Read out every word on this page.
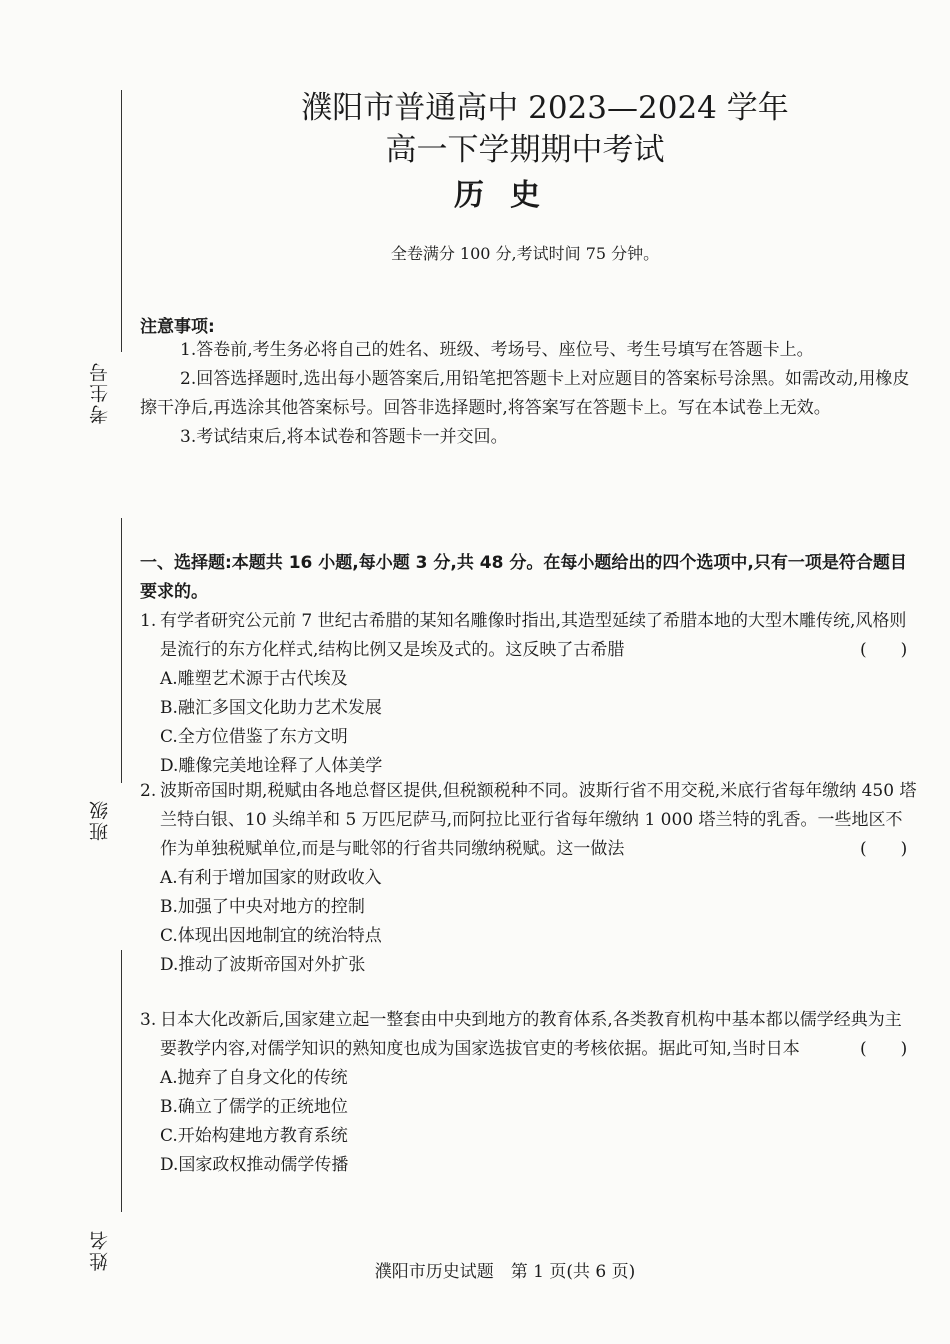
考生号
班级
姓名
濮阳市普通高中 2023—2024 学年
高一下学期期中考试
历史
全卷满分 100 分,考试时间 75 分钟。
注意事项:

1.答卷前,考生务必将自己的姓名、班级、考场号、座位号、考生号填写在答题卡上。

2.回答选择题时,选出每小题答案后,用铅笔把答题卡上对应题目的答案标号涂黑。如需改动,用橡皮擦干净后,再选涂其他答案标号。回答非选择题时,将答案写在答题卡上。写在本试卷上无效。

3.考试结束后,将本试卷和答题卡一并交回。

一、选择题:本题共 16 小题,每小题 3 分,共 48 分。在每小题给出的四个选项中,只有一项是符合题目要求的。
1. 有学者研究公元前 7 世纪古希腊的某知名雕像时指出,其造型延续了希腊本地的大型木雕传统,风格则是流行的东方化样式,结构比例又是埃及式的。这反映了古希腊	(　　)

A.雕塑艺术源于古代埃及

B.融汇多国文化助力艺术发展

C.全方位借鉴了东方文明

D.雕像完美地诠释了人体美学

2. 波斯帝国时期,税赋由各地总督区提供,但税额税种不同。波斯行省不用交税,米底行省每年缴纳 450 塔兰特白银、10 头绵羊和 5 万匹尼萨马,而阿拉比亚行省每年缴纳 1 000 塔兰特的乳香。一些地区不作为单独税赋单位,而是与毗邻的行省共同缴纳税赋。这一做法	(　　)

A.有利于增加国家的财政收入

B.加强了中央对地方的控制

C.体现出因地制宜的统治特点

D.推动了波斯帝国对外扩张

3. 日本大化改新后,国家建立起一整套由中央到地方的教育体系,各类教育机构中基本都以儒学经典为主要教学内容,对儒学知识的熟知度也成为国家选拔官吏的考核依据。据此可知,当时日本	(　　)

A.抛弃了自身文化的传统

B.确立了儒学的正统地位

C.开始构建地方教育系统

D.国家政权推动儒学传播

濮阳市历史试题　第 1 页(共 6 页)
